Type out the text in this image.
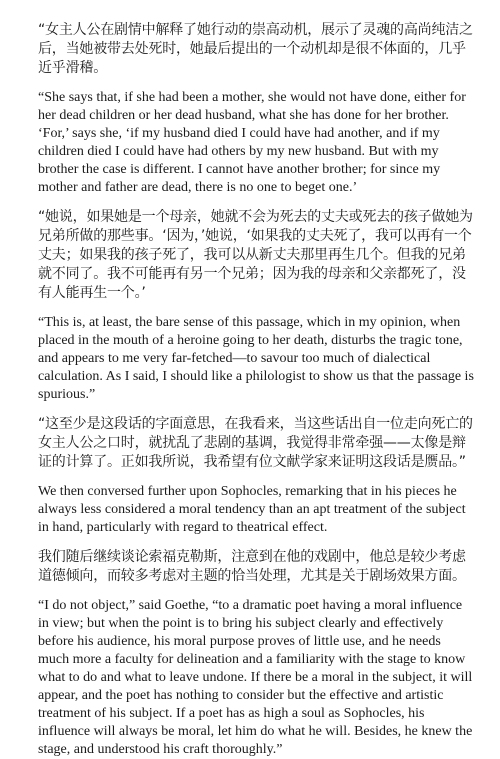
“女主人公在剧情中解释了她行动的崇高动机，展示了灵魂的高尚纯洁之后，当她被带去处死时，她最后提出的一个动机却是很不体面的，几乎近乎滑稽。

“She says that, if she had been a mother, she would not have done, either for her dead children or her dead husband, what she has done for her brother. ‘For,’ says she, ‘if my husband died I could have had another, and if my children died I could have had others by my new husband. But with my brother the case is different. I cannot have another brother; for since my mother and father are dead, there is no one to beget one.’

“她说，如果她是一个母亲，她就不会为死去的丈夫或死去的孩子做她为兄弟所做的那些事。‘因为，’她说，‘如果我的丈夫死了，我可以再有一个丈夫；如果我的孩子死了，我可以从新丈夫那里再生几个。但我的兄弟就不同了。我不可能再有另一个兄弟；因为我的母亲和父亲都死了，没有人能再生一个。’

“This is, at least, the bare sense of this passage, which in my opinion, when placed in the mouth of a heroine going to her death, disturbs the tragic tone, and appears to me very far-fetched—to savour too much of dialectical calculation. As I said, I should like a philologist to show us that the passage is spurious.”

“这至少是这段话的字面意思，在我看来，当这些话出自一位走向死亡的 女主人公之口时，就扰乱了悲剧的基调，我觉得非常牵强——太像是辩证的计算了。正如我所说，我希望有位文献学家来证明这段话是赝品。”

We then conversed further upon Sophocles, remarking that in his pieces he always less considered a moral tendency than an apt treatment of the subject in hand, particularly with regard to theatrical effect.

我们随后继续谈论索福克勒斯，注意到在他的戏剧中，他总是较少考虑道德倾向，而较多考虑对主题的恰当处理，尤其是关于剧场效果方面。

“I do not object,” said Goethe, “to a dramatic poet having a moral influence in view; but when the point is to bring his subject clearly and effectively before his audience, his moral purpose proves of little use, and he needs much more a faculty for delineation and a familiarity with the stage to know what to do and what to leave undone. If there be a moral in the subject, it will appear, and the poet has nothing to consider but the effective and artistic treatment of his subject. If a poet has as high a soul as Sophocles, his influence will always be moral, let him do what he will. Besides, he knew the stage, and understood his craft thoroughly.”
